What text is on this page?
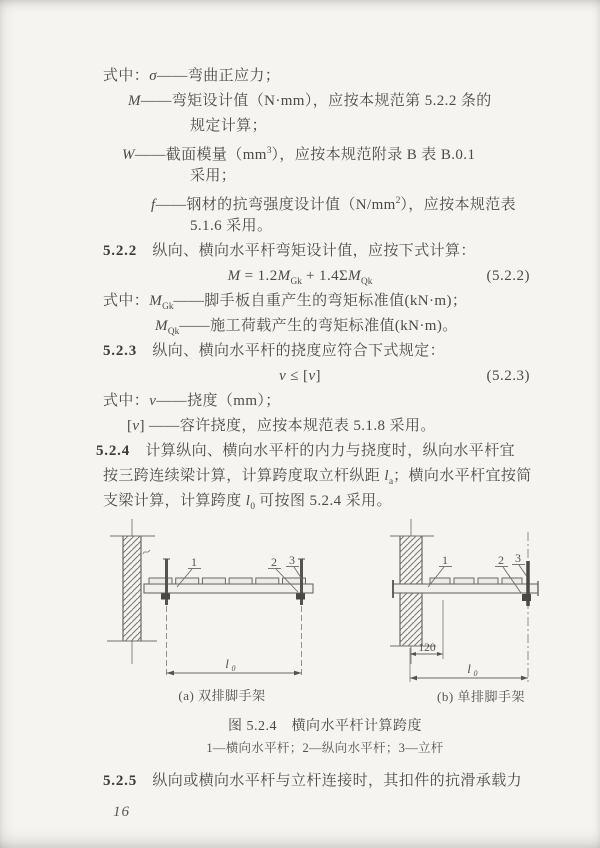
式中：σ——弯曲正应力；
M——弯矩设计值（N·mm），应按本规范第 5.2.2 条的
规定计算；
W——截面模量$(mm^3)$，应按本规范附录 B 表 B.0.1
采用；
f——钢材的抗弯强度设计值$(N/mm^2)$，应按本规范表
5.1.6 采用。
5.2.2　纵向、横向水平杆弯矩设计值，应按下式计算：
$M = 1.2M_{Gk} + 1.4\Sigma M_{Qk}$	(5.2.2)
式中：$M_{Gk}——$脚手板自重产生的弯矩标准值(kN·m)；
$M_{Qk}——$施工荷载产生的弯矩标准值(kN·m)。
5.2.3　纵向、横向水平杆的挠度应符合下式规定：
v ≤ [v]	(5.2.3)
式中：v——挠度（mm）；
[v] ——容许挠度，应按本规范表 5.1.8 采用。
5.2.4　计算纵向、横向水平杆的内力与挠度时，纵向水平杆宜
按三跨连续梁计算，计算跨度取立杆纵距 $l_a$；横向水平杆宜按简
支梁计算，计算跨度 $l_0$ 可按图 5.2.4 采用。
1	2 3
l 0
(a) 双排脚手架
1	2 3
120
l 0
(b) 单排脚手架
图 5.2.4　横向水平杆计算跨度
1—横向水平杆；2—纵向水平杆；3—立杆
5.2.5　纵向或横向水平杆与立杆连接时，其扣件的抗滑承载力
16
